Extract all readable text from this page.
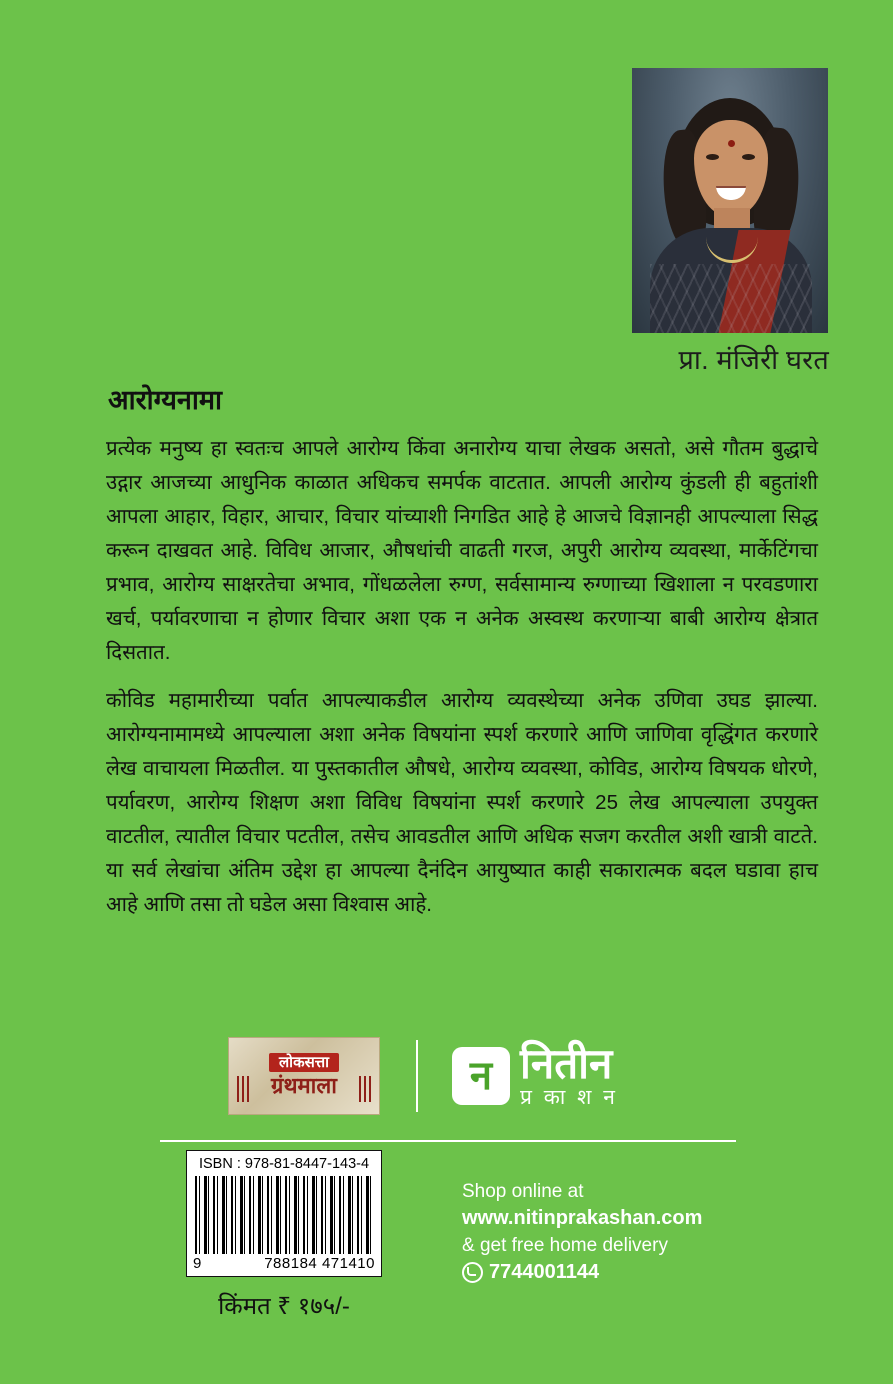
प्रा. मंजिरी घरत
आरोग्यनामा

प्रत्येक मनुष्य हा स्वतःच आपले आरोग्य किंवा अनारोग्य याचा लेखक असतो, असे गौतम बुद्धाचे उद्गार आजच्या आधुनिक काळात अधिकच समर्पक वाटतात. आपली आरोग्य कुंडली ही बहुतांशी आपला आहार, विहार, आचार, विचार यांच्याशी निगडित आहे हे आजचे विज्ञानही आपल्याला सिद्ध करून दाखवत आहे. विविध आजार, औषधांची वाढती गरज, अपुरी आरोग्य व्यवस्था, मार्केटिंगचा प्रभाव, आरोग्य साक्षरतेचा अभाव, गोंधळलेला रुग्ण, सर्वसामान्य रुग्णाच्या खिशाला न परवडणारा खर्च, पर्यावरणाचा न होणार विचार अशा एक न अनेक अस्वस्थ करणाऱ्या बाबी आरोग्य क्षेत्रात दिसतात.

कोविड महामारीच्या पर्वात आपल्याकडील आरोग्य व्यवस्थेच्या अनेक उणिवा उघड झाल्या. आरोग्यनामामध्ये आपल्याला अशा अनेक विषयांना स्पर्श करणारे आणि जाणिवा वृद्धिंगत करणारे लेख वाचायला मिळतील. या पुस्तकातील औषधे, आरोग्य व्यवस्था, कोविड, आरोग्य विषयक धोरणे, पर्यावरण, आरोग्य शिक्षण अशा विविध विषयांना स्पर्श करणारे 25 लेख आपल्याला उपयुक्त वाटतील, त्यातील विचार पटतील, तसेच आवडतील आणि अधिक सजग करतील अशी खात्री वाटते. या सर्व लेखांचा अंतिम उद्देश हा आपल्या दैनंदिन आयुष्यात काही सकारात्मक बदल घडावा हाच आहे आणि तसा तो घडेल असा विश्वास आहे.

लोकसत्ता
ग्रंथमाला	न नितीन
प्र का श न
ISBN : 978-81-8447-143-4
9	788184 471410
किंमत ₹ १७५/-
Shop online at
www.nitinprakashan.com
& get free home delivery
7744001144
